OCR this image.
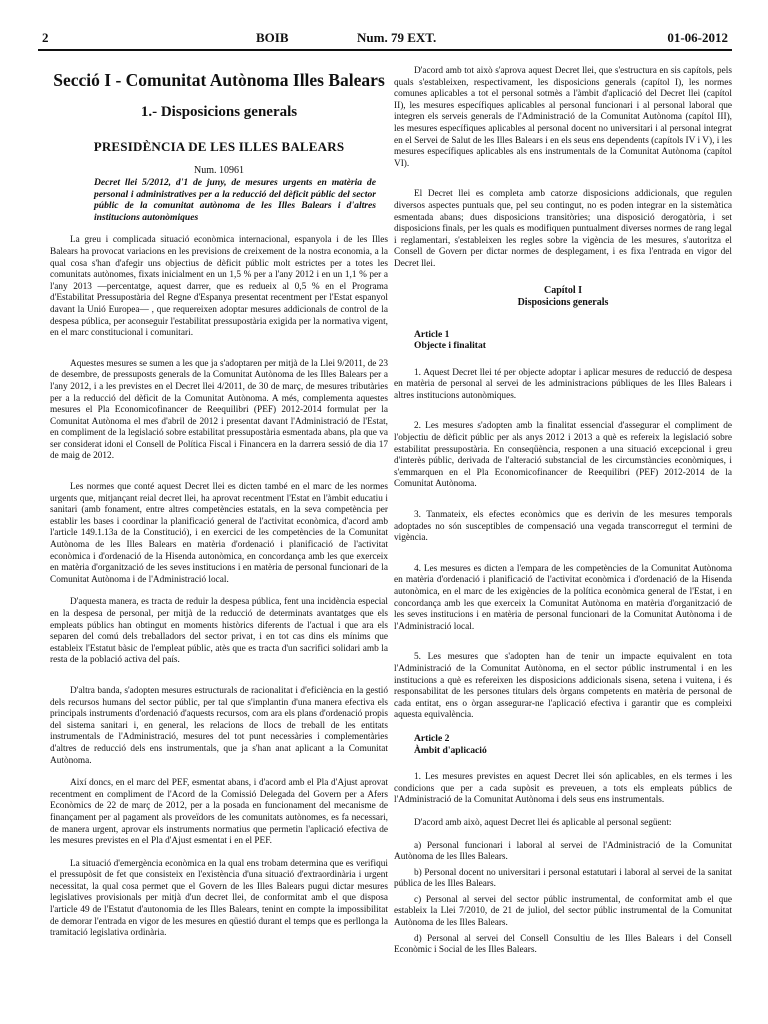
2	BOIB	Num. 79 EXT.	01-06-2012
Secció I - Comunitat Autònoma Illes Balears
1.- Disposicions generals
PRESIDÈNCIA DE LES ILLES BALEARS
Num. 10961
Decret llei 5/2012, d'1 de juny, de mesures urgents en matèria de personal i administratives per a la reducció del dèficit públic del sector públic de la comunitat autònoma de les Illes Balears i d'altres institucions autonòmiques

La greu i complicada situació econòmica internacional, espanyola i de les Illes Balears ha provocat variacions en les previsions de creixement de la nostra economia, a la qual cosa s'han d'afegir uns objectius de dèficit públic molt estrictes per a totes les comunitats autònomes, fixats inicialment en un 1,5 % per a l'any 2012 i en un 1,1 % per a l'any 2013 —percentatge, aquest darrer, que es redueix al 0,5 % en el Programa d'Estabilitat Pressupostària del Regne d'Espanya presentat recentment per l'Estat espanyol davant la Unió Europea— , que requereixen adoptar mesures addicionals de control de la despesa pública, per aconseguir l'estabilitat pressupostària exigida per la normativa vigent, en el marc constitucional i comunitari.

Aquestes mesures se sumen a les que ja s'adoptaren per mitjà de la Llei 9/2011, de 23 de desembre, de pressuposts generals de la Comunitat Autònoma de les Illes Balears per a l'any 2012, i a les previstes en el Decret llei 4/2011, de 30 de març, de mesures tributàries per a la reducció del dèficit de la Comunitat Autònoma. A més, complementa aquestes mesures el Pla Economicofinancer de Reequilibri (PEF) 2012-2014 formulat per la Comunitat Autònoma el mes d'abril de 2012 i presentat davant l'Administració de l'Estat, en compliment de la legislació sobre estabilitat pressupostària esmentada abans, pla que va ser considerat idoni el Consell de Política Fiscal i Financera en la darrera sessió de dia 17 de maig de 2012.

Les normes que conté aquest Decret llei es dicten també en el marc de les normes urgents que, mitjançant reial decret llei, ha aprovat recentment l'Estat en l'àmbit educatiu i sanitari (amb fonament, entre altres competències estatals, en la seva competència per establir les bases i coordinar la planificació general de l'activitat econòmica, d'acord amb l'article 149.1.13a de la Constitució), i en exercici de les competències de la Comunitat Autònoma de les Illes Balears en matèria d'ordenació i planificació de l'activitat econòmica i d'ordenació de la Hisenda autonòmica, en concordança amb les que exerceix en matèria d'organització de les seves institucions i en matèria de personal funcionari de la Comunitat Autònoma i de l'Administració local.

D'aquesta manera, es tracta de reduir la despesa pública, fent una incidència especial en la despesa de personal, per mitjà de la reducció de determinats avantatges que els empleats públics han obtingut en moments històrics diferents de l'actual i que ara els separen del comú dels treballadors del sector privat, i en tot cas dins els mínims que estableix l'Estatut bàsic de l'empleat públic, atès que es tracta d'un sacrifici solidari amb la resta de la població activa del país.

D'altra banda, s'adopten mesures estructurals de racionalitat i d'eficiència en la gestió dels recursos humans del sector públic, per tal que s'implantin d'una manera efectiva els principals instruments d'ordenació d'aquests recursos, com ara els plans d'ordenació propis del sistema sanitari i, en general, les relacions de llocs de treball de les entitats instrumentals de l'Administració, mesures del tot punt necessàries i complementàries d'altres de reducció dels ens instrumentals, que ja s'han anat aplicant a la Comunitat Autònoma.

Així doncs, en el marc del PEF, esmentat abans, i d'acord amb el Pla d'Ajust aprovat recentment en compliment de l'Acord de la Comissió Delegada del Govern per a Afers Econòmics de 22 de març de 2012, per a la posada en funcionament del mecanisme de finançament per al pagament als proveïdors de les comunitats autònomes, es fa necessari, de manera urgent, aprovar els instruments normatius que permetin l'aplicació efectiva de les mesures previstes en el Pla d'Ajust esmentat i en el PEF.

La situació d'emergència econòmica en la qual ens trobam determina que es verifiqui el pressupòsit de fet que consisteix en l'existència d'una situació d'extraordinària i urgent necessitat, la qual cosa permet que el Govern de les Illes Balears pugui dictar mesures legislatives provisionals per mitjà d'un decret llei, de conformitat amb el que disposa l'article 49 de l'Estatut d'autonomia de les Illes Balears, tenint en compte la impossibilitat de demorar l'entrada en vigor de les mesures en qüestió durant el temps que es perllonga la tramitació legislativa ordinària.

D'acord amb tot això s'aprova aquest Decret llei, que s'estructura en sis capítols, pels quals s'estableixen, respectivament, les disposicions generals (capítol I), les normes comunes aplicables a tot el personal sotmès a l'àmbit d'aplicació del Decret llei (capítol II), les mesures específiques aplicables al personal funcionari i al personal laboral que integren els serveis generals de l'Administració de la Comunitat Autònoma (capítol III), les mesures específiques aplicables al personal docent no universitari i al personal integrat en el Servei de Salut de les Illes Balears i en els seus ens dependents (capítols IV i V), i les mesures específiques aplicables als ens instrumentals de la Comunitat Autònoma (capítol VI).

El Decret llei es completa amb catorze disposicions addicionals, que regulen diversos aspectes puntuals que, pel seu contingut, no es poden integrar en la sistemàtica esmentada abans; dues disposicions transitòries; una disposició derogatòria, i set disposicions finals, per les quals es modifiquen puntualment diverses normes de rang legal i reglamentari, s'estableixen les regles sobre la vigència de les mesures, s'autoritza el Consell de Govern per dictar normes de desplegament, i es fixa l'entrada en vigor del Decret llei.

Capítol I
Disposicions generals
Article 1
Objecte i finalitat

1. Aquest Decret llei té per objecte adoptar i aplicar mesures de reducció de despesa en matèria de personal al servei de les administracions públiques de les Illes Balears i altres institucions autonòmiques.

2. Les mesures s'adopten amb la finalitat essencial d'assegurar el compliment de l'objectiu de dèficit públic per als anys 2012 i 2013 a què es refereix la legislació sobre estabilitat pressupostària. En conseqüència, responen a una situació excepcional i greu d'interès públic, derivada de l'alteració substancial de les circumstàncies econòmiques, i s'emmarquen en el Pla Economicofinancer de Reequilibri (PEF) 2012-2014 de la Comunitat Autònoma.

3. Tanmateix, els efectes econòmics que es derivin de les mesures temporals adoptades no són susceptibles de compensació una vegada transcorregut el termini de vigència.

4. Les mesures es dicten a l'empara de les competències de la Comunitat Autònoma en matèria d'ordenació i planificació de l'activitat econòmica i d'ordenació de la Hisenda autonòmica, en el marc de les exigències de la política econòmica general de l'Estat, i en concordança amb les que exerceix la Comunitat Autònoma en matèria d'organització de les seves institucions i en matèria de personal funcionari de la Comunitat Autònoma i de l'Administració local.

5. Les mesures que s'adopten han de tenir un impacte equivalent en tota l'Administració de la Comunitat Autònoma, en el sector públic instrumental i en les institucions a què es refereixen les disposicions addicionals sisena, setena i vuitena, i és responsabilitat de les persones titulars dels òrgans competents en matèria de personal de cada entitat, ens o òrgan assegurar-ne l'aplicació efectiva i garantir que es compleixi aquesta equivalència.

Article 2
Àmbit d'aplicació

1. Les mesures previstes en aquest Decret llei són aplicables, en els termes i les condicions que per a cada supòsit es preveuen, a tots els empleats públics de l'Administració de la Comunitat Autònoma i dels seus ens instrumentals.

D'acord amb això, aquest Decret llei és aplicable al personal següent:

a) Personal funcionari i laboral al servei de l'Administració de la Comunitat Autònoma de les Illes Balears.

b) Personal docent no universitari i personal estatutari i laboral al servei de la sanitat pública de les Illes Balears.

c) Personal al servei del sector públic instrumental, de conformitat amb el que estableix la Llei 7/2010, de 21 de juliol, del sector públic instrumental de la Comunitat Autònoma de les Illes Balears.

d) Personal al servei del Consell Consultiu de les Illes Balears i del Consell Econòmic i Social de les Illes Balears.
